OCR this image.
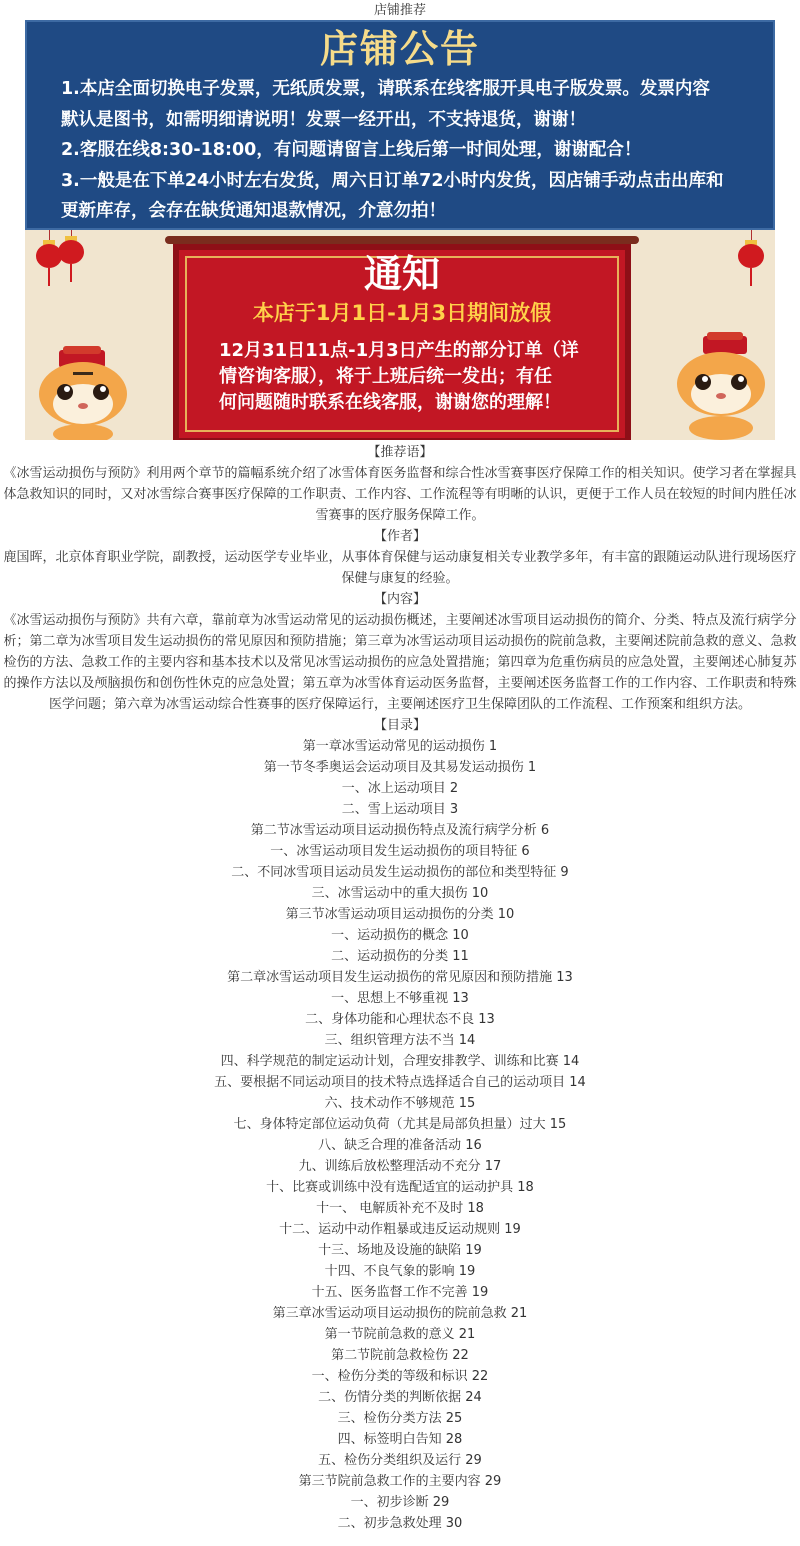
店铺推荐
店铺公告
1.本店全面切换电子发票，无纸质发票，请联系在线客服开具电子版发票。发票内容
默认是图书，如需明细请说明！发票一经开出，不支持退货，谢谢！
2.客服在线8:30-18:00，有问题请留言上线后第一时间处理，谢谢配合！
3.一般是在下单24小时左右发货，周六日订单72小时内发货，因店铺手动点击出库和
更新库存，会存在缺货通知退款情况，介意勿拍！
通知
本店于1月1日-1月3日期间放假
12月31日11点-1月3日产生的部分订单（详
情咨询客服），将于上班后统一发出；有任
何问题随时联系在线客服，谢谢您的理解！
【推荐语】

《冰雪运动损伤与预防》利用两个章节的篇幅系统介绍了冰雪体育医务监督和综合性冰雪赛事医疗保障工作的相关知识。使学习者在掌握具体急救知识的同时，又对冰雪综合赛事医疗保障的工作职责、工作内容、工作流程等有明晰的认识，更便于工作人员在较短的时间内胜任冰雪赛事的医疗服务保障工作。

【作者】

鹿国晖，北京体育职业学院，副教授，运动医学专业毕业，从事体育保健与运动康复相关专业教学多年，有丰富的跟随运动队进行现场医疗保健与康复的经验。

【内容】

《冰雪运动损伤与预防》共有六章，靠前章为冰雪运动常见的运动损伤概述，主要阐述冰雪项目运动损伤的简介、分类、特点及流行病学分析；第二章为冰雪项目发生运动损伤的常见原因和预防措施；第三章为冰雪运动项目运动损伤的院前急救，主要阐述院前急救的意义、急救检伤的方法、急救工作的主要内容和基本技术以及常见冰雪运动损伤的应急处置措施；第四章为危重伤病员的应急处置，主要阐述心肺复苏的操作方法以及颅脑损伤和创伤性休克的应急处置；第五章为冰雪体育运动医务监督，主要阐述医务监督工作的工作内容、工作职责和特殊医学问题；第六章为冰雪运动综合性赛事的医疗保障运行，主要阐述医疗卫生保障团队的工作流程、工作预案和组织方法。

【目录】
第一章冰雪运动常见的运动损伤 1
第一节冬季奥运会运动项目及其易发运动损伤 1
一、冰上运动项目 2
二、雪上运动项目 3
第二节冰雪运动项目运动损伤特点及流行病学分析 6
一、冰雪运动项目发生运动损伤的项目特征 6
二、不同冰雪项目运动员发生运动损伤的部位和类型特征 9
三、冰雪运动中的重大损伤 10
第三节冰雪运动项目运动损伤的分类 10
一、运动损伤的概念 10
二、运动损伤的分类 11
第二章冰雪运动项目发生运动损伤的常见原因和预防措施 13
一、思想上不够重视 13
二、身体功能和心理状态不良 13
三、组织管理方法不当 14
四、科学规范的制定运动计划，合理安排教学、训练和比赛 14
五、要根据不同运动项目的技术特点选择适合自己的运动项目 14
六、技术动作不够规范 15
七、身体特定部位运动负荷（尤其是局部负担量）过大 15
八、缺乏合理的准备活动 16
九、训练后放松整理活动不充分 17
十、比赛或训练中没有选配适宜的运动护具 18
十一、 电解质补充不及时 18
十二、运动中动作粗暴或违反运动规则 19
十三、场地及设施的缺陷 19
十四、不良气象的影响 19
十五、医务监督工作不完善 19
第三章冰雪运动项目运动损伤的院前急救 21
第一节院前急救的意义 21
第二节院前急救检伤 22
一、检伤分类的等级和标识 22
二、伤情分类的判断依据 24
三、检伤分类方法 25
四、标签明白告知 28
五、检伤分类组织及运行 29
第三节院前急救工作的主要内容 29
一、初步诊断 29
二、初步急救处理 30
